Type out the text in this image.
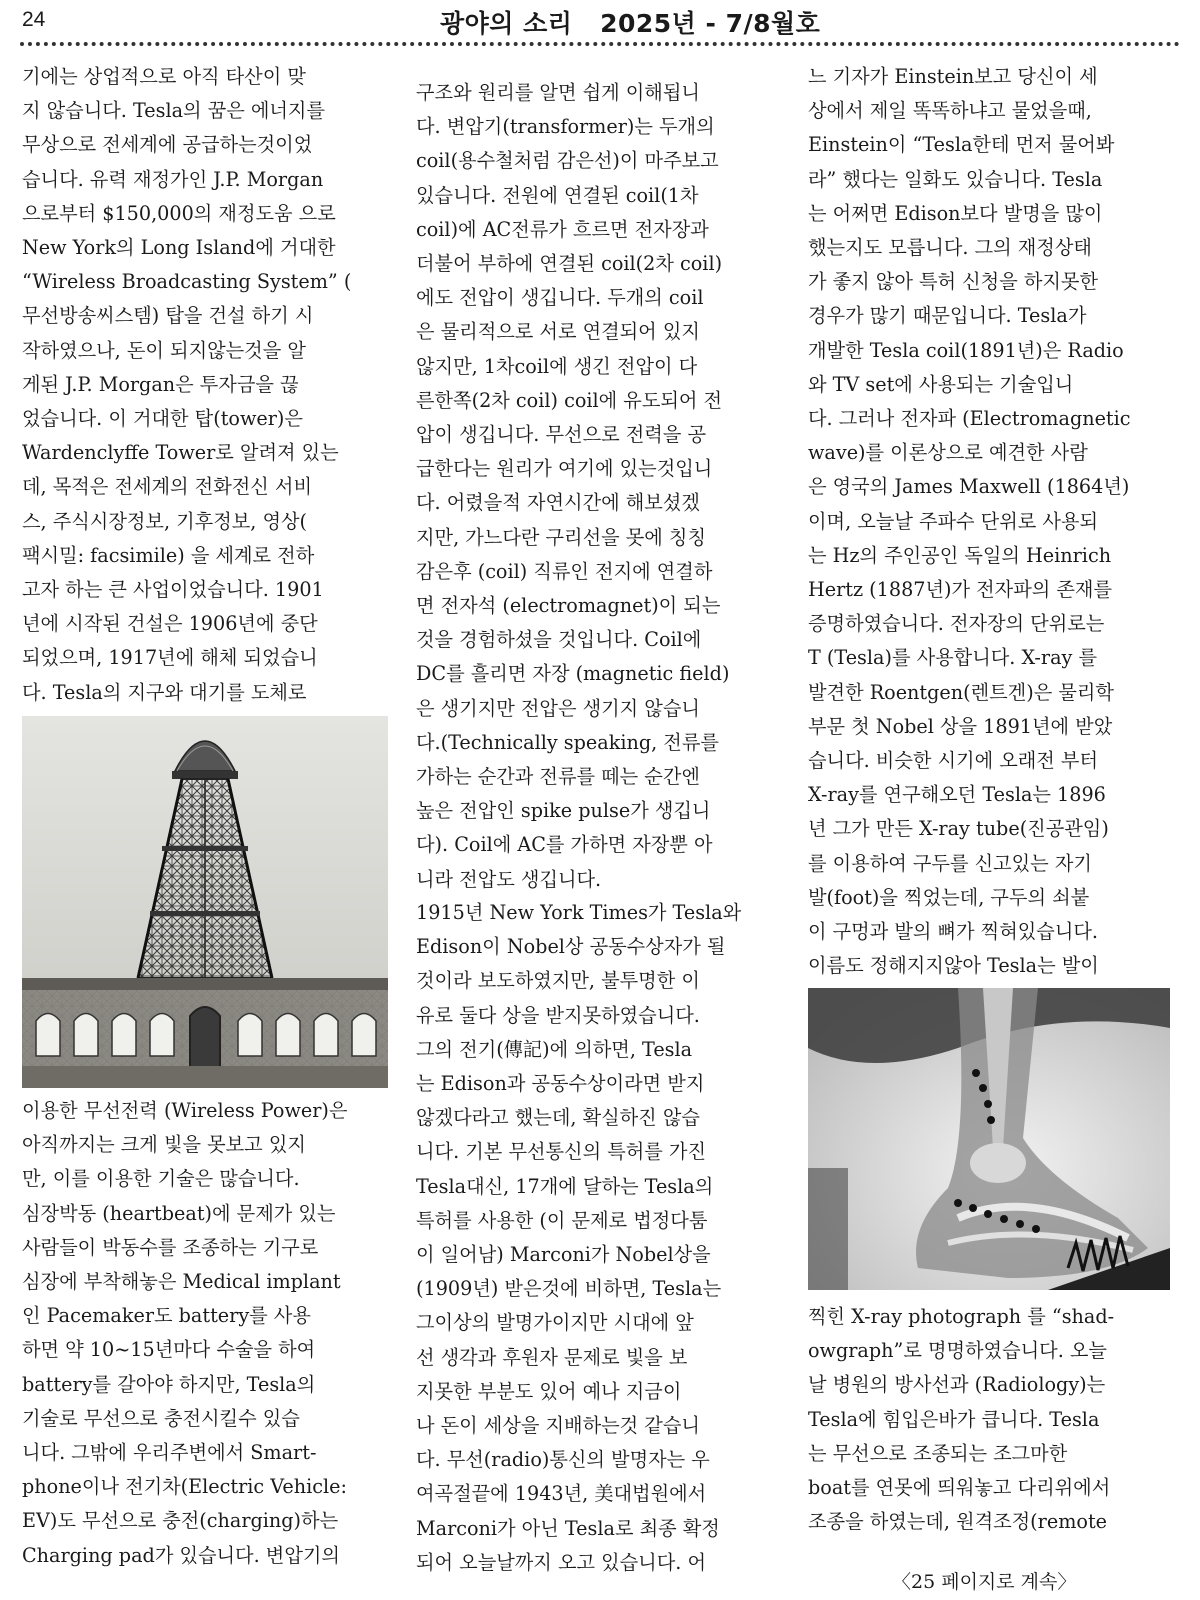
24	광야의 소리   2025년 - 7/8월호
기에는 상업적으로 아직 타산이 맞
지 않습니다. Tesla의 꿈은 에너지를
무상으로 전세계에 공급하는것이었
습니다. 유력 재정가인 J.P. Morgan
으로부터 $150,000의 재정도움 으로
New York의 Long Island에 거대한
“Wireless Broadcasting System” (
무선방송씨스템) 탑을 건설 하기 시
작하였으나, 돈이 되지않는것을 알
게된 J.P. Morgan은 투자금을 끊
었습니다. 이 거대한 탑(tower)은
Wardenclyffe Tower로 알려져 있는
데, 목적은 전세계의 전화전신 서비
스, 주식시장정보, 기후정보, 영상(
팩시밀: facsimile) 을 세계로 전하
고자 하는 큰 사업이었습니다. 1901
년에 시작된 건설은 1906년에 중단
되었으며, 1917년에 해체 되었습니
다. Tesla의 지구와 대기를 도체로
이용한 무선전력 (Wireless Power)은
아직까지는 크게 빛을 못보고 있지
만, 이를 이용한 기술은 많습니다.
심장박동 (heartbeat)에 문제가 있는
사람들이 박동수를 조종하는 기구로
심장에 부착해놓은 Medical implant
인 Pacemaker도 battery를 사용
하면 약 10~15년마다 수술을 하여
battery를 갈아야 하지만, Tesla의
기술로 무선으로 충전시킬수 있습
니다. 그밖에 우리주변에서 Smart-
phone이나 전기차(Electric Vehicle:
EV)도 무선으로 충전(charging)하는
Charging pad가 있습니다. 변압기의
구조와 원리를 알면 쉽게 이해됩니
다. 변압기(transformer)는 두개의
coil(용수철처럼 감은선)이 마주보고
있습니다. 전원에 연결된 coil(1차
coil)에 AC전류가 흐르면 전자장과
더불어 부하에 연결된 coil(2차 coil)
에도 전압이 생깁니다. 두개의 coil
은 물리적으로 서로 연결되어 있지
않지만, 1차coil에 생긴 전압이 다
른한쪽(2차 coil) coil에 유도되어 전
압이 생깁니다. 무선으로 전력을 공
급한다는 원리가 여기에 있는것입니
다. 어렸을적 자연시간에 해보셨겠
지만, 가느다란 구리선을 못에 칭칭
감은후 (coil) 직류인 전지에 연결하
면 전자석 (electromagnet)이 되는
것을 경험하셨을 것입니다. Coil에
DC를 흘리면 자장 (magnetic field)
은 생기지만 전압은 생기지 않습니
다.(Technically speaking, 전류를
가하는 순간과 전류를 떼는 순간엔
높은 전압인 spike pulse가 생깁니
다). Coil에 AC를 가하면 자장뿐 아
니라 전압도 생깁니다.
1915년 New York Times가 Tesla와
Edison이 Nobel상 공동수상자가 될
것이라 보도하였지만, 불투명한 이
유로 둘다 상을 받지못하였습니다.
그의 전기(傳記)에 의하면, Tesla
는 Edison과 공동수상이라면 받지
않겠다라고 했는데, 확실하진 않습
니다. 기본 무선통신의 특허를 가진
Tesla대신, 17개에 달하는 Tesla의
특허를 사용한 (이 문제로 법정다툼
이 일어남) Marconi가 Nobel상을
(1909년) 받은것에 비하면, Tesla는
그이상의 발명가이지만 시대에 앞
선 생각과 후원자 문제로 빛을 보
지못한 부분도 있어 예나 지금이
나 돈이 세상을 지배하는것 같습니
다. 무선(radio)통신의 발명자는 우
여곡절끝에 1943년, 美대법원에서
Marconi가 아닌 Tesla로 최종 확정
되어 오늘날까지 오고 있습니다. 어
느 기자가 Einstein보고 당신이 세
상에서 제일 똑똑하냐고 물었을때,
Einstein이 “Tesla한테 먼저 물어봐
라” 했다는 일화도 있습니다. Tesla
는 어쩌면 Edison보다 발명을 많이
했는지도 모릅니다. 그의 재정상태
가 좋지 않아 특허 신청을 하지못한
경우가 많기 때문입니다. Tesla가
개발한 Tesla coil(1891년)은 Radio
와 TV set에 사용되는 기술입니
다. 그러나 전자파 (Electromagnetic
wave)를 이론상으로 예견한 사람
은 영국의 James Maxwell (1864년)
이며, 오늘날 주파수 단위로 사용되
는 Hz의 주인공인 독일의 Heinrich
Hertz (1887년)가 전자파의 존재를
증명하였습니다. 전자장의 단위로는
T (Tesla)를 사용합니다. X-ray 를
발견한 Roentgen(렌트겐)은 물리학
부문 첫 Nobel 상을 1891년에 받았
습니다. 비슷한 시기에 오래전 부터
X-ray를 연구해오던 Tesla는 1896
년 그가 만든 X-ray tube(진공관임)
를 이용하여 구두를 신고있는 자기
발(foot)을 찍었는데, 구두의 쇠붙
이 구멍과 발의 뼈가 찍혀있습니다.
이름도 정해지지않아 Tesla는 발이
찍힌 X-ray photograph 를 “shad-
owgraph”로 명명하였습니다. 오늘
날 병원의 방사선과 (Radiology)는
Tesla에 힘입은바가 큽니다. Tesla
는 무선으로 조종되는 조그마한
boat를 연못에 띄워놓고 다리위에서
조종을 하였는데, 원격조정(remote
〈25 페이지로 계속〉
